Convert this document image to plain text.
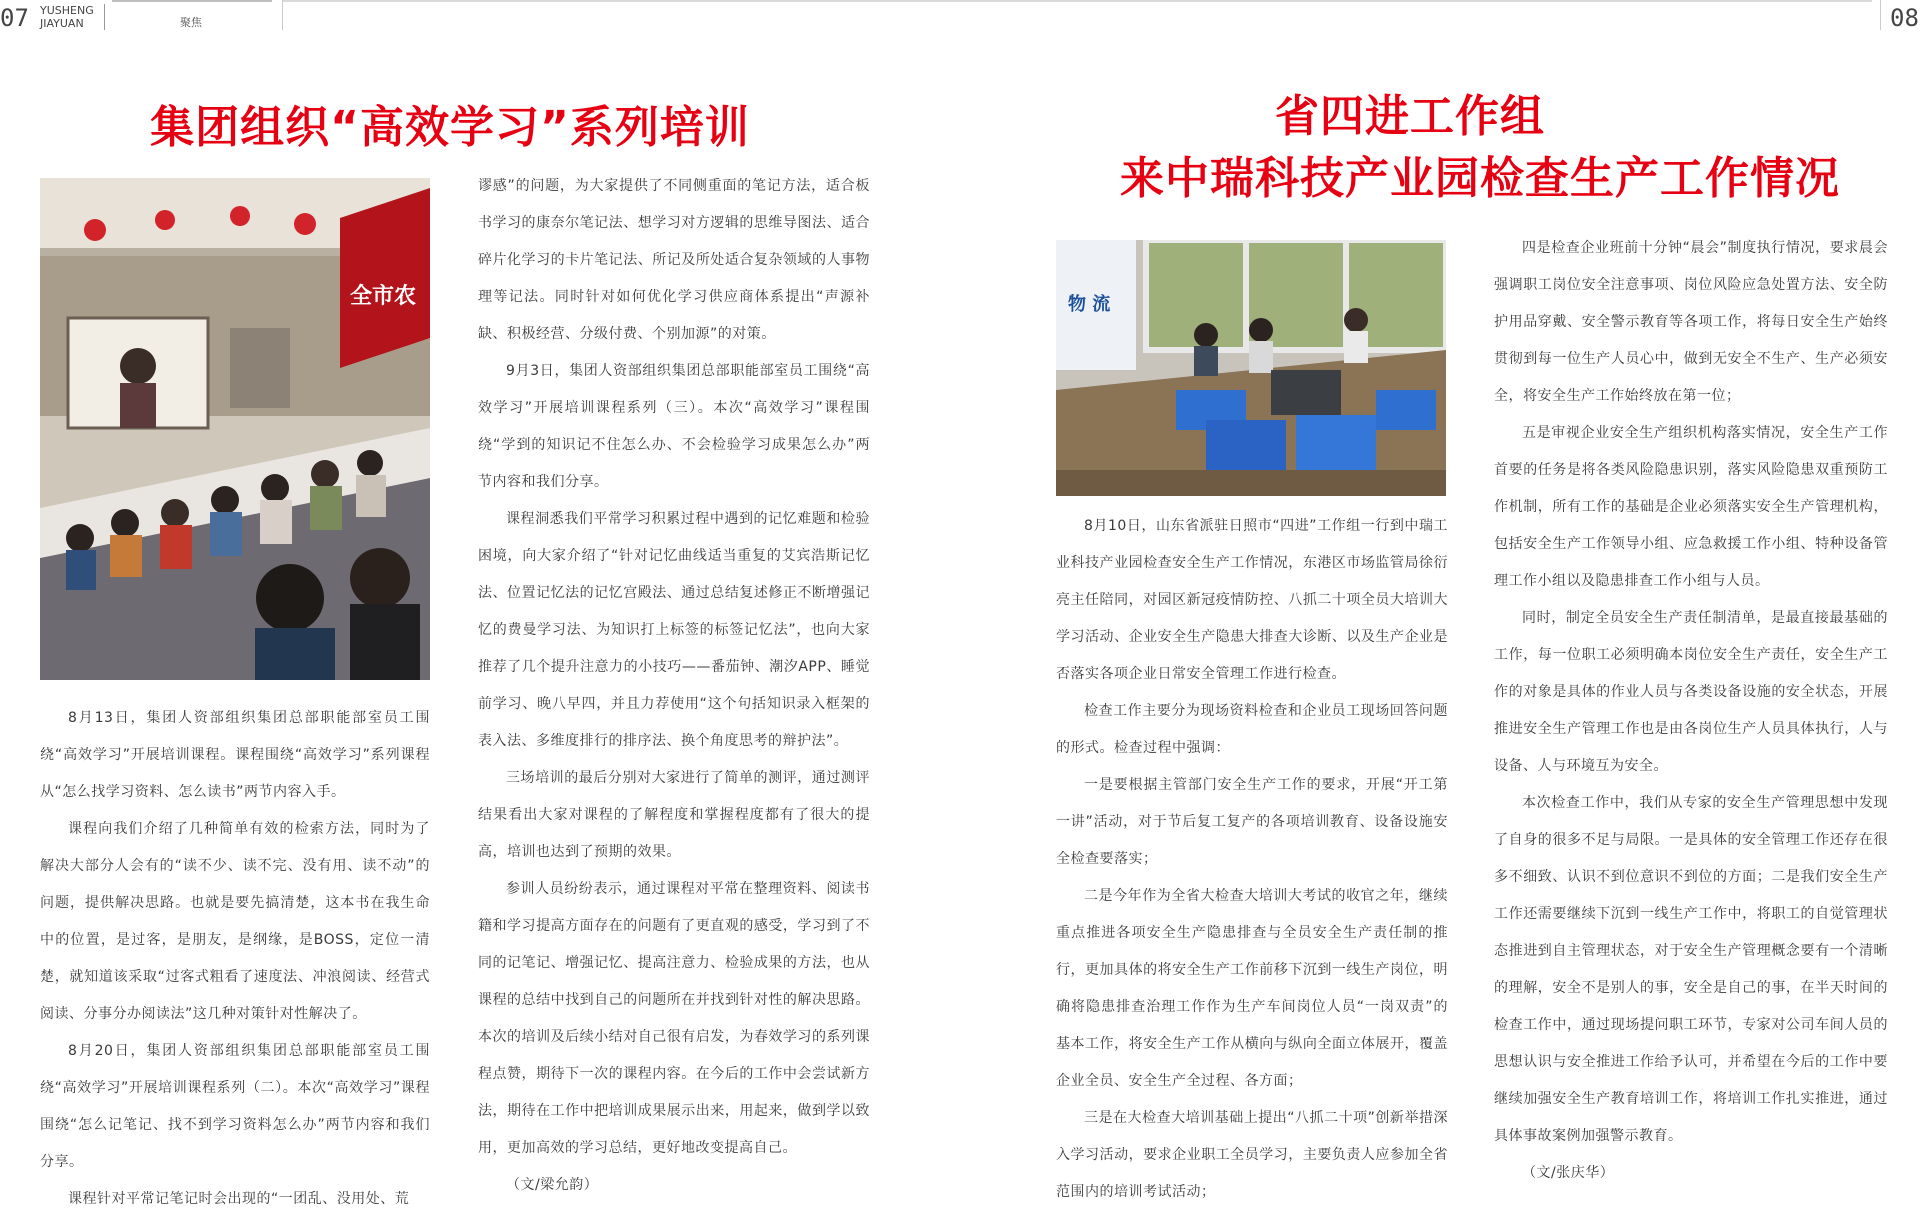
07 YUSHENG
JIAYUAN	聚焦	08
集团组织“高效学习”系列培训
全市农

8月13日，集团人资部组织集团总部职能部室员工围绕“高效学习”开展培训课程。课程围绕“高效学习”系列课程从“怎么找学习资料、怎么读书”两节内容入手。

课程向我们介绍了几种简单有效的检索方法，同时为了解决大部分人会有的“读不少、读不完、没有用、读不动”的问题，提供解决思路。也就是要先搞清楚，这本书在我生命中的位置，是过客，是朋友，是纲缘，是BOSS，定位一清楚，就知道该采取“过客式粗看了速度法、冲浪阅读、经营式阅读、分事分办阅读法”这几种对策针对性解决了。

8月20日，集团人资部组织集团总部职能部室员工围绕“高效学习”开展培训课程系列（二）。本次“高效学习”课程围绕“怎么记笔记、找不到学习资料怎么办”两节内容和我们分享。

课程针对平常记笔记时会出现的“一团乱、没用处、荒

谬感”的问题，为大家提供了不同侧重面的笔记方法，适合板书学习的康奈尔笔记法、想学习对方逻辑的思维导图法、适合碎片化学习的卡片笔记法、所记及所处适合复杂领域的人事物理等记法。同时针对如何优化学习供应商体系提出“声源补缺、积极经营、分级付费、个别加源”的对策。

9月3日，集团人资部组织集团总部职能部室员工围绕“高效学习”开展培训课程系列（三）。本次“高效学习”课程围绕“学到的知识记不住怎么办、不会检验学习成果怎么办”两节内容和我们分享。

课程洞悉我们平常学习积累过程中遇到的记忆难题和检验困境，向大家介绍了“针对记忆曲线适当重复的艾宾浩斯记忆法、位置记忆法的记忆宫殿法、通过总结复述修正不断增强记忆的费曼学习法、为知识打上标签的标签记忆法”，也向大家推荐了几个提升注意力的小技巧——番茄钟、潮汐APP、睡觉前学习、晚八早四，并且力荐使用“这个句括知识录入框架的表入法、多维度排行的排序法、换个角度思考的辩护法”。

三场培训的最后分别对大家进行了简单的测评，通过测评结果看出大家对课程的了解程度和掌握程度都有了很大的提高，培训也达到了预期的效果。

参训人员纷纷表示，通过课程对平常在整理资料、阅读书籍和学习提高方面存在的问题有了更直观的感受，学习到了不同的记笔记、增强记忆、提高注意力、检验成果的方法，也从课程的总结中找到自己的问题所在并找到针对性的解决思路。本次的培训及后续小结对自己很有启发，为春效学习的系列课程点赞，期待下一次的课程内容。在今后的工作中会尝试新方法，期待在工作中把培训成果展示出来，用起来，做到学以致用，更加高效的学习总结，更好地改变提高自己。

（文/梁允韵）

省四进工作组
来中瑞科技产业园检查生产工作情况
物 流

8月10日，山东省派驻日照市“四进”工作组一行到中瑞工业科技产业园检查安全生产工作情况，东港区市场监管局徐衍亮主任陪同，对园区新冠疫情防控、八抓二十项全员大培训大学习活动、企业安全生产隐患大排查大诊断、以及生产企业是否落实各项企业日常安全管理工作进行检查。

检查工作主要分为现场资料检查和企业员工现场回答问题的形式。检查过程中强调：

一是要根据主管部门安全生产工作的要求，开展“开工第一讲”活动，对于节后复工复产的各项培训教育、设备设施安全检查要落实；

二是今年作为全省大检查大培训大考试的收官之年，继续重点推进各项安全生产隐患排查与全员安全生产责任制的推行，更加具体的将安全生产工作前移下沉到一线生产岗位，明确将隐患排查治理工作作为生产车间岗位人员“一岗双责”的基本工作，将安全生产工作从横向与纵向全面立体展开，覆盖企业全员、安全生产全过程、各方面；

三是在大检查大培训基础上提出“八抓二十项”创新举措深入学习活动，要求企业职工全员学习，主要负责人应参加全省范围内的培训考试活动；

四是检查企业班前十分钟“晨会”制度执行情况，要求晨会强调职工岗位安全注意事项、岗位风险应急处置方法、安全防护用品穿戴、安全警示教育等各项工作，将每日安全生产始终贯彻到每一位生产人员心中，做到无安全不生产、生产必须安全，将安全生产工作始终放在第一位；

五是审视企业安全生产组织机构落实情况，安全生产工作首要的任务是将各类风险隐患识别，落实风险隐患双重预防工作机制，所有工作的基础是企业必须落实安全生产管理机构，包括安全生产工作领导小组、应急救援工作小组、特种设备管理工作小组以及隐患排查工作小组与人员。

同时，制定全员安全生产责任制清单，是最直接最基础的工作，每一位职工必须明确本岗位安全生产责任，安全生产工作的对象是具体的作业人员与各类设备设施的安全状态，开展推进安全生产管理工作也是由各岗位生产人员具体执行，人与设备、人与环境互为安全。

本次检查工作中，我们从专家的安全生产管理思想中发现了自身的很多不足与局限。一是具体的安全管理工作还存在很多不细致、认识不到位意识不到位的方面；二是我们安全生产工作还需要继续下沉到一线生产工作中，将职工的自觉管理状态推进到自主管理状态，对于安全生产管理概念要有一个清晰的理解，安全不是别人的事，安全是自己的事，在半天时间的检查工作中，通过现场提问职工环节，专家对公司车间人员的思想认识与安全推进工作给予认可，并希望在今后的工作中要继续加强安全生产教育培训工作，将培训工作扎实推进，通过具体事故案例加强警示教育。

（文/张庆华）
